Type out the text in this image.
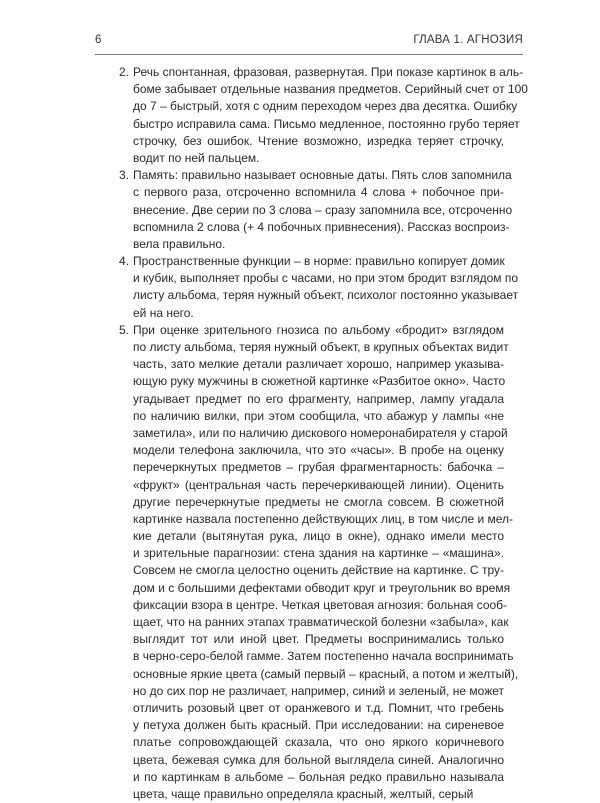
6	ГЛАВА 1. АГНОЗИЯ
2. Речь спонтанная, фразовая, развернутая. При показе картинок в аль-
боме забывает отдельные названия предметов. Серийный счет от 100
до 7 – быстрый, хотя с одним переходом через два десятка. Ошибку
быстро исправила сама. Письмо медленное, постоянно грубо теряет
строчку, без ошибок. Чтение возможно, изредка теряет строчку,
водит по ней пальцем.
3. Память: правильно называет основные даты. Пять слов запомнила
с первого раза, отсроченно вспомнила 4 слова + побочное при-
внесение. Две серии по 3 слова – сразу запомнила все, отсроченно
вспомнила 2 слова (+ 4 побочных привнесения). Рассказ воспроиз-
вела правильно.
4. Пространственные функции – в норме: правильно копирует домик
и кубик, выполняет пробы с часами, но при этом бродит взглядом по
листу альбома, теряя нужный объект, психолог постоянно указывает
ей на него.
5. При оценке зрительного гнозиса по альбому «бродит» взглядом
по листу альбома, теряя нужный объект, в крупных объектах видит
часть, зато мелкие детали различает хорошо, например указыва-
ющую руку мужчины в сюжетной картинке «Разбитое окно». Часто
угадывает предмет по его фрагменту, например, лампу угадала
по наличию вилки, при этом сообщила, что абажур у лампы «не
заметила», или по наличию дискового номеронабирателя у старой
модели телефона заключила, что это «часы». В пробе на оценку
перечеркнутых предметов – грубая фрагментарность: бабочка –
«фрукт» (центральная часть перечеркивающей линии). Оценить
другие перечеркнутые предметы не смогла совсем. В сюжетной
картинке назвала постепенно действующих лиц, в том числе и мел-
кие детали (вытянутая рука, лицо в окне), однако имели место
и зрительные парагнозии: стена здания на картинке – «машина».
Совсем не смогла целостно оценить действие на картинке. С тру-
дом и с большими дефектами обводит круг и треугольник во время
фиксации взора в центре. Четкая цветовая агнозия: больная сооб-
щает, что на ранних этапах травматической болезни «забыла», как
выглядит тот или иной цвет. Предметы воспринимались только
в черно-серо-белой гамме. Затем постепенно начала воспринимать
основные яркие цвета (самый первый – красный, а потом и желтый),
но до сих пор не различает, например, синий и зеленый, не может
отличить розовый цвет от оранжевого и т.д. Помнит, что гребень
у петуха должен быть красный. При исследовании: на сиреневое
платье сопровождающей сказала, что оно яркого коричневого
цвета, бежевая сумка для больной выглядела синей. Аналогично
и по картинкам в альбоме – больная редко правильно называла
цвета, чаще правильно определяла красный, желтый, серый
